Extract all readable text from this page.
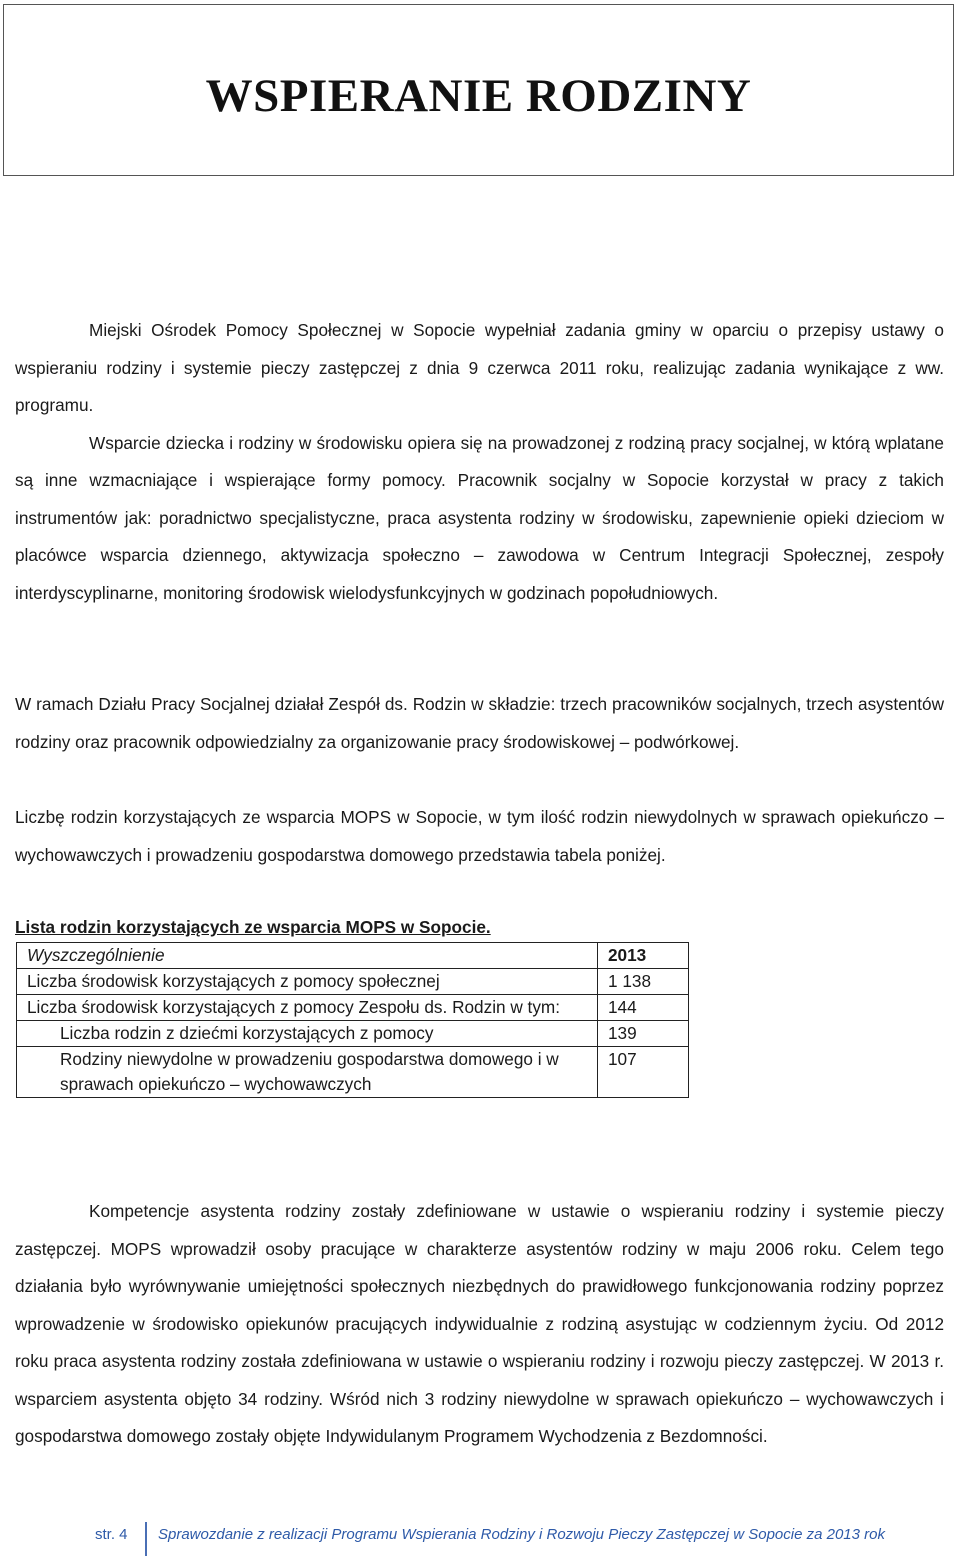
WSPIERANIE RODZINY
Miejski Ośrodek Pomocy Społecznej w Sopocie wypełniał zadania gminy w oparciu o przepisy ustawy o wspieraniu rodziny i systemie pieczy zastępczej z dnia 9 czerwca 2011 roku, realizując zadania wynikające z ww. programu.
Wsparcie dziecka i rodziny w środowisku opiera się na prowadzonej z rodziną pracy socjalnej, w którą wplatane są inne wzmacniające i wspierające formy pomocy. Pracownik socjalny w Sopocie korzystał w pracy z takich instrumentów jak: poradnictwo specjalistyczne, praca asystenta rodziny w środowisku, zapewnienie opieki dzieciom w placówce wsparcia dziennego, aktywizacja społeczno – zawodowa w Centrum Integracji Społecznej, zespoły interdyscyplinarne, monitoring środowisk wielodysfunkcyjnych w godzinach popołudniowych.

W ramach Działu Pracy Socjalnej działał Zespół ds. Rodzin w składzie: trzech pracowników socjalnych, trzech asystentów rodziny oraz pracownik odpowiedzialny za organizowanie pracy środowiskowej – podwórkowej.

Liczbę rodzin korzystających ze wsparcia MOPS w Sopocie, w tym ilość rodzin niewydolnych w sprawach opiekuńczo – wychowawczych i prowadzeniu gospodarstwa domowego przedstawia tabela poniżej.

Lista rodzin korzystających ze wsparcia MOPS w Sopocie.

Wyszczególnienie	2013
Liczba środowisk korzystających z pomocy społecznej	1 138
Liczba środowisk korzystających z pomocy Zespołu ds. Rodzin w tym:	144
Liczba rodzin z dziećmi korzystających z pomocy	139
Rodziny niewydolne w prowadzeniu gospodarstwa domowego i w sprawach opiekuńczo – wychowawczych	107
Kompetencje asystenta rodziny zostały zdefiniowane w ustawie o wspieraniu rodziny i systemie pieczy zastępczej. MOPS wprowadził osoby pracujące w charakterze asystentów rodziny w maju 2006 roku. Celem tego działania było wyrównywanie umiejętności społecznych niezbędnych do prawidłowego funkcjonowania rodziny poprzez wprowadzenie w środowisko opiekunów pracujących indywidualnie z rodziną asystując w codziennym życiu. Od 2012 roku praca asystenta rodziny została zdefiniowana w ustawie o wspieraniu rodziny i rozwoju pieczy zastępczej. W 2013 r. wsparciem asystenta objęto 34 rodziny. Wśród nich 3 rodziny niewydolne w sprawach opiekuńczo – wychowawczych i gospodarstwa domowego zostały objęte Indywidulanym Programem Wychodzenia z Bezdomności.
str. 4 Sprawozdanie z realizacji Programu Wspierania Rodziny i Rozwoju Pieczy Zastępczej w Sopocie za 2013 rok
